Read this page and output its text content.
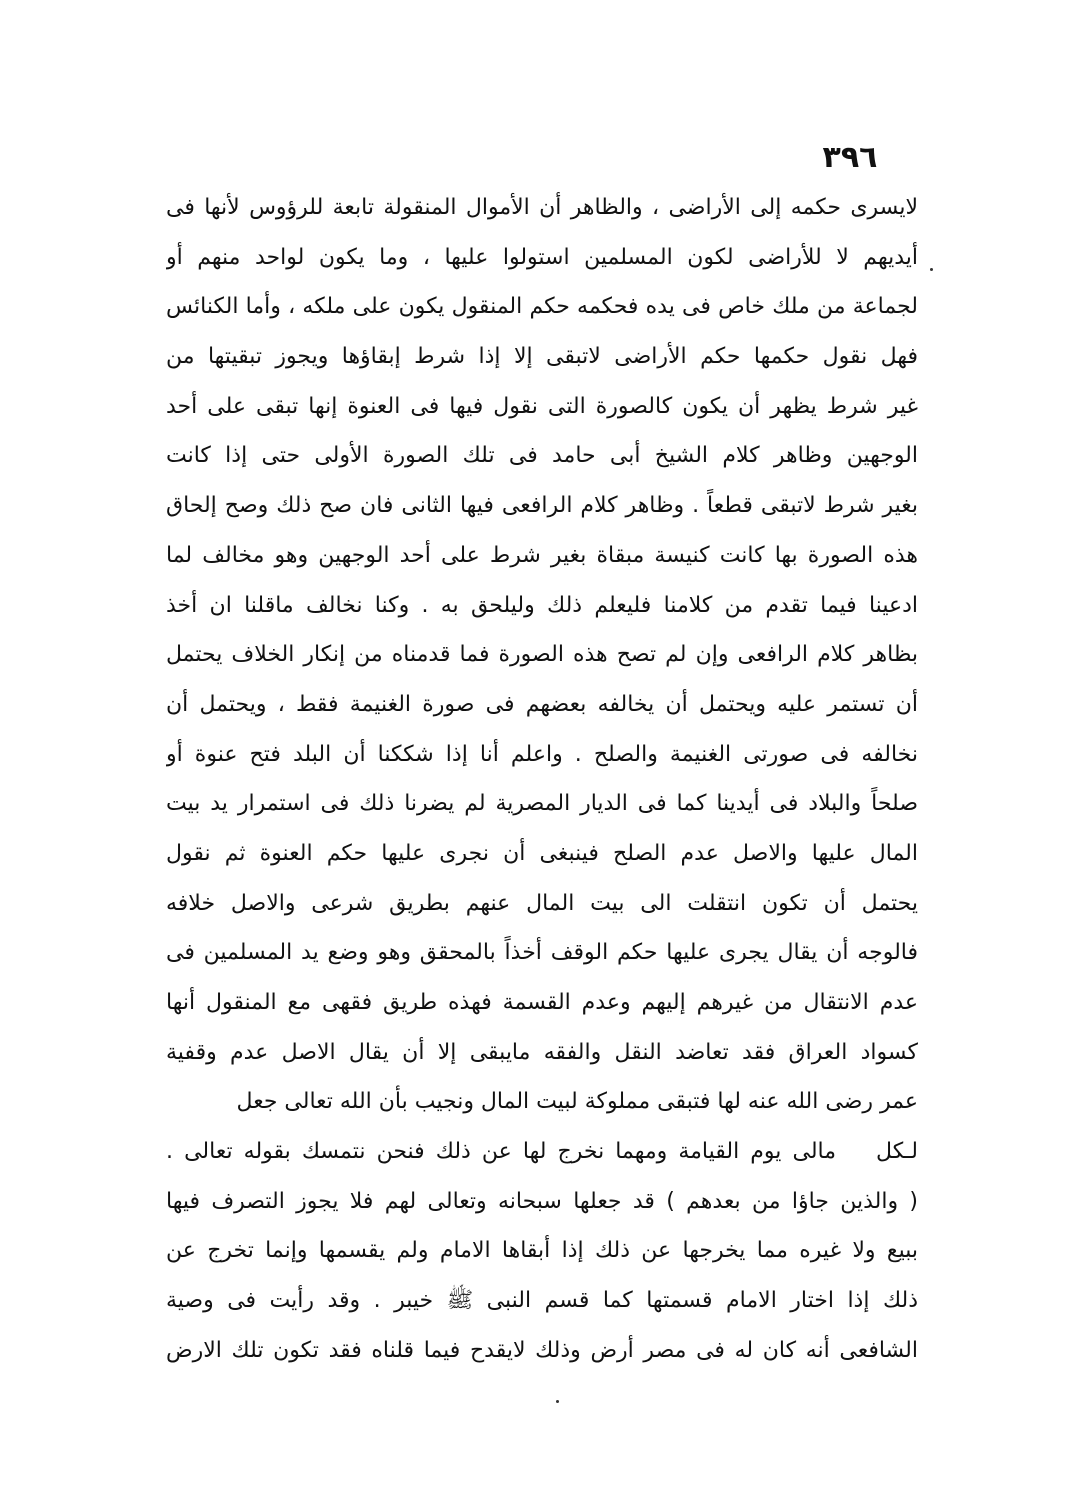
٣٩٦
لايسرى حكمه إلى الأراضى ، والظاهر أن الأموال المنقولة تابعة للرؤوس لأنها فى
أيديهم لا للأراضى لكون المسلمين استولوا عليها ، وما يكون لواحد منهم أو
لجماعة من ملك خاص فى يده فحكمه حكم المنقول يكون على ملكه ، وأما الكنائس
فهل نقول حكمها حكم الأراضى لاتبقى إلا إذا شرط إبقاؤها ويجوز تبقيتها من
غير شرط يظهر أن يكون كالصورة التى نقول فيها فى العنوة إنها تبقى على أحد
الوجهين وظاهر كلام الشيخ أبى حامد فى تلك الصورة الأولى حتى إذا كانت
بغير شرط لاتبقى قطعاً . وظاهر كلام الرافعى فيها الثانى فان صح ذلك وصح إلحاق
هذه الصورة بها كانت كنيسة مبقاة بغير شرط على أحد الوجهين وهو مخالف لما
ادعينا فيما تقدم من كلامنا فليعلم ذلك وليلحق به . وكنا نخالف ماقلنا ان أخذ
بظاهر كلام الرافعى وإن لم تصح هذه الصورة فما قدمناه من إنكار الخلاف يحتمل
أن تستمر عليه ويحتمل أن يخالفه بعضهم فى صورة الغنيمة فقط ، ويحتمل أن
نخالفه فى صورتى الغنيمة والصلح . واعلم أنا إذا شككنا أن البلد فتح عنوة أو
صلحاً والبلاد فى أيدينا كما فى الديار المصرية لم يضرنا ذلك فى استمرار يد بيت
المال عليها والاصل عدم الصلح فينبغى أن نجرى عليها حكم العنوة ثم نقول
يحتمل أن تكون انتقلت الى بيت المال عنهم بطريق شرعى والاصل خلافه
فالوجه أن يقال يجرى عليها حكم الوقف أخذاً بالمحقق وهو وضع يد المسلمين فى
عدم الانتقال من غيرهم إليهم وعدم القسمة فهذه طريق فقهى مع المنقول أنها
كسواد العراق فقد تعاضد النقل والفقه مايبقى إلا أن يقال الاصل عدم وقفية
عمر رضى الله عنه لها فتبقى مملوكة لبيت المال ونجيب بأن الله تعالى جعل
لـكل
مالى يوم القيامة ومهما نخرج لها عن ذلك فنحن نتمسك بقوله تعالى .
( والذين جاؤا من بعدهم ) قد جعلها سبحانه وتعالى لهم فلا يجوز التصرف فيها
ببيع ولا غيره مما يخرجها عن ذلك إذا أبقاها الامام ولم يقسمها وإنما تخرج عن
ذلك إذا اختار الامام قسمتها كما قسم النبى ﷺ خيبر . وقد رأيت فى وصية
الشافعى أنه كان له فى مصر أرض وذلك لايقدح فيما قلناه فقد تكون تلك الارض
